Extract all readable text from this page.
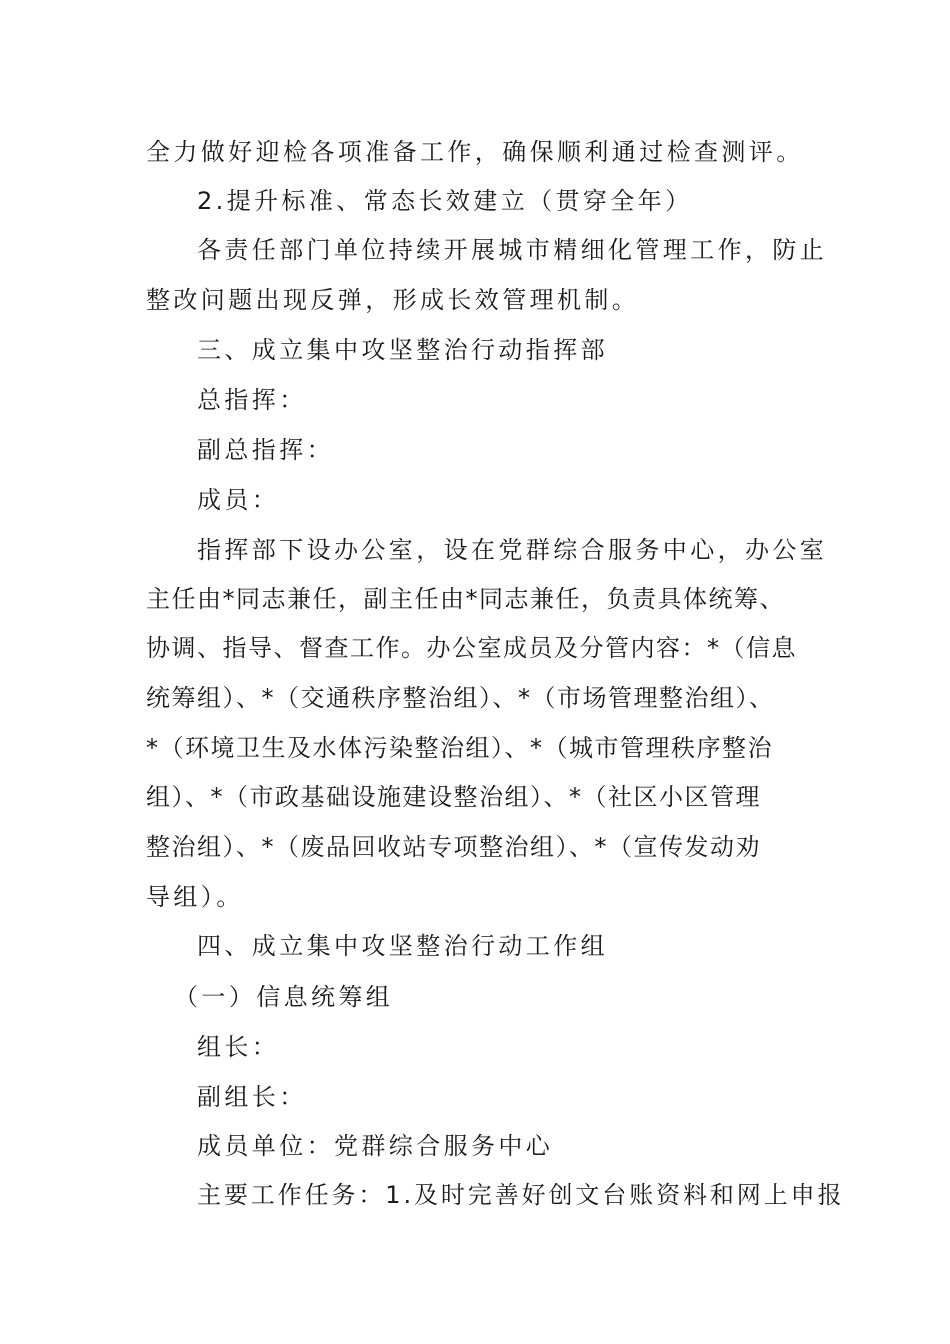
全力做好迎检各项准备工作，确保顺利通过检查测评。
2.提升标准、常态长效建立（贯穿全年）
各责任部门单位持续开展城市精细化管理工作，防止
整改问题出现反弹，形成长效管理机制。
三、成立集中攻坚整治行动指挥部
总指挥：
副总指挥：
成员：
指挥部下设办公室，设在党群综合服务中心，办公室
主任由*同志兼任，副主任由*同志兼任，负责具体统筹、
协调、指导、督查工作。办公室成员及分管内容：*（信息
统筹组）、*（交通秩序整治组）、*（市场管理整治组）、
*（环境卫生及水体污染整治组）、*（城市管理秩序整治
组）、*（市政基础设施建设整治组）、*（社区小区管理
整治组）、*（废品回收站专项整治组）、*（宣传发动劝
导组）。
四、成立集中攻坚整治行动工作组
（一）信息统筹组
组长：
副组长：
成员单位：党群综合服务中心
主要工作任务：1.及时完善好创文台账资料和网上申报
